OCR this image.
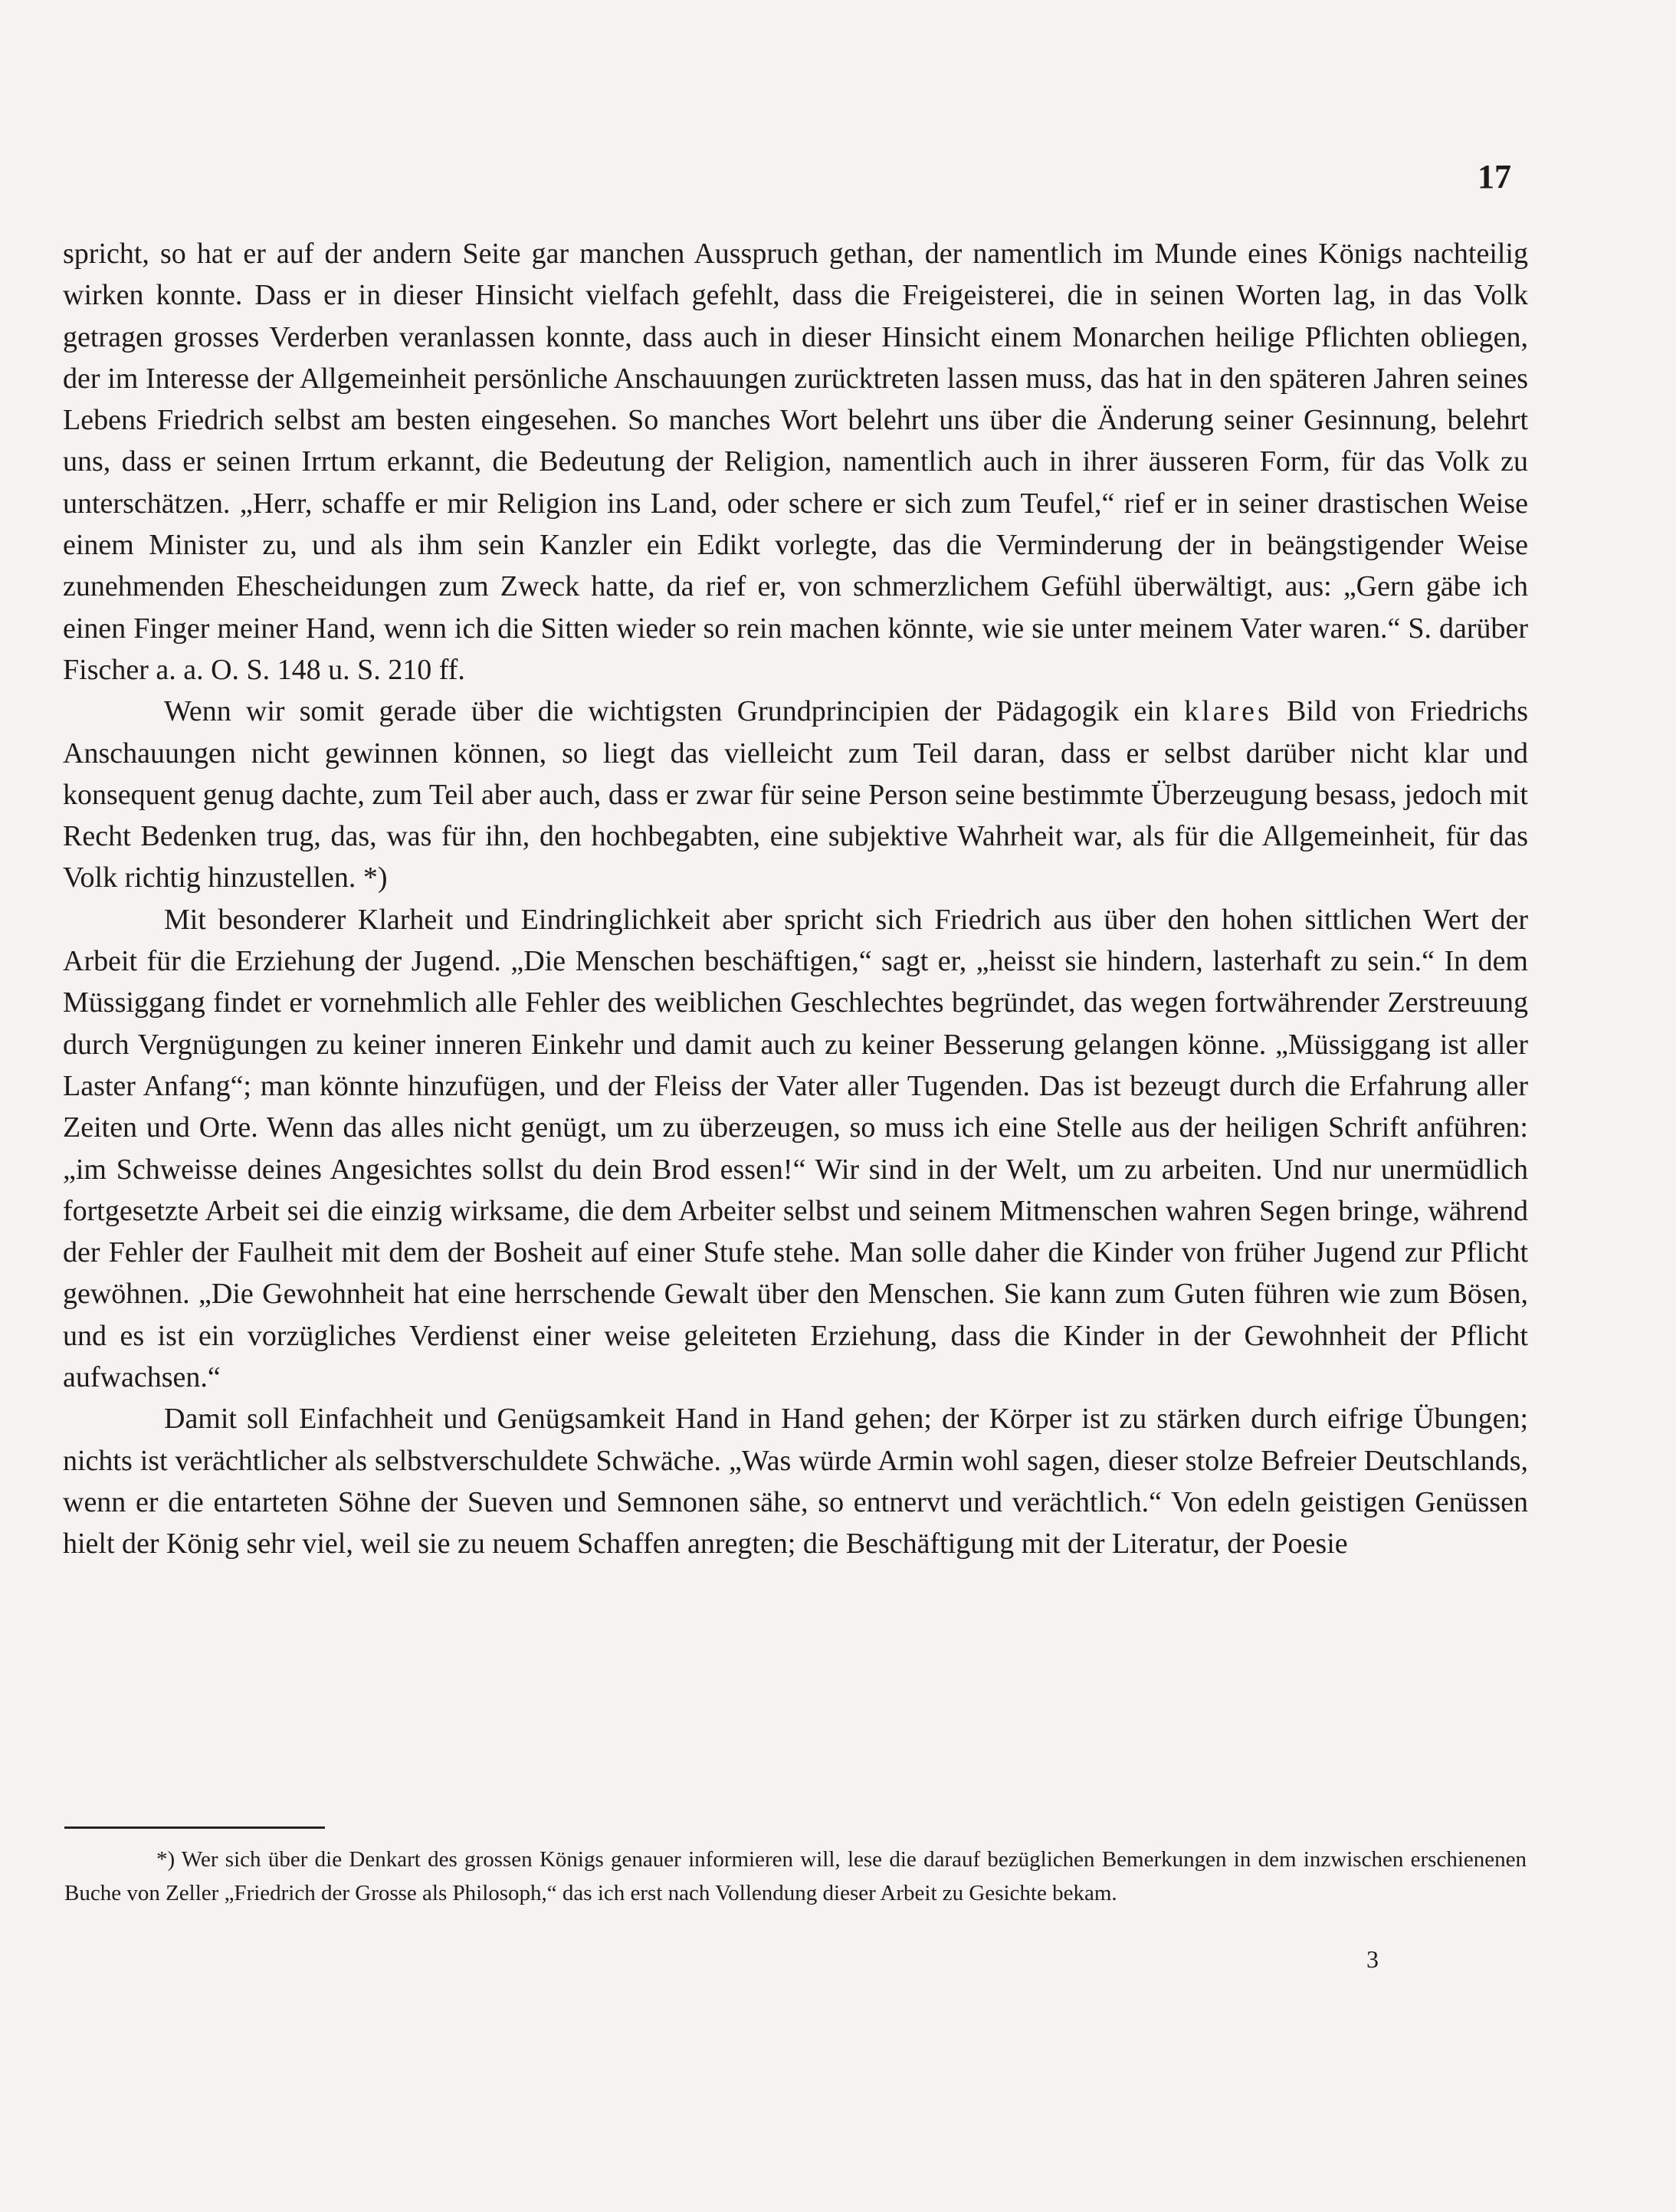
17

spricht, so hat er auf der andern Seite gar manchen Ausspruch gethan, der namentlich im Munde eines Königs nachteilig wirken konnte. Dass er in dieser Hinsicht vielfach gefehlt, dass die Freigeisterei, die in seinen Worten lag, in das Volk getragen grosses Verderben veranlassen konnte, dass auch in dieser Hinsicht einem Monarchen heilige Pflichten obliegen, der im Interesse der Allgemeinheit persönliche Anschauungen zurücktreten lassen muss, das hat in den späteren Jahren seines Lebens Friedrich selbst am besten eingesehen. So manches Wort belehrt uns über die Änderung seiner Gesinnung, belehrt uns, dass er seinen Irrtum erkannt, die Bedeutung der Religion, namentlich auch in ihrer äusseren Form, für das Volk zu unterschätzen. „Herr, schaffe er mir Religion ins Land, oder schere er sich zum Teufel,“ rief er in seiner drastischen Weise einem Minister zu, und als ihm sein Kanzler ein Edikt vorlegte, das die Verminderung der in beängstigender Weise zunehmenden Ehescheidungen zum Zweck hatte, da rief er, von schmerzlichem Gefühl überwältigt, aus: „Gern gäbe ich einen Finger meiner Hand, wenn ich die Sitten wieder so rein machen könnte, wie sie unter meinem Vater waren.“ S. darüber Fischer a. a. O. S. 148 u. S. 210 ff.

Wenn wir somit gerade über die wichtigsten Grundprincipien der Pädagogik ein klares Bild von Friedrichs Anschauungen nicht gewinnen können, so liegt das vielleicht zum Teil daran, dass er selbst darüber nicht klar und konsequent genug dachte, zum Teil aber auch, dass er zwar für seine Person seine bestimmte Überzeugung besass, jedoch mit Recht Bedenken trug, das, was für ihn, den hochbegabten, eine subjektive Wahrheit war, als für die Allgemeinheit, für das Volk richtig hinzustellen. *)

Mit besonderer Klarheit und Eindringlichkeit aber spricht sich Friedrich aus über den hohen sittlichen Wert der Arbeit für die Erziehung der Jugend. „Die Menschen beschäftigen,“ sagt er, „heisst sie hindern, lasterhaft zu sein.“ In dem Müssiggang findet er vornehmlich alle Fehler des weiblichen Geschlechtes begründet, das wegen fortwährender Zerstreuung durch Vergnügungen zu keiner inneren Einkehr und damit auch zu keiner Besserung gelangen könne. „Müssiggang ist aller Laster Anfang“; man könnte hinzufügen, und der Fleiss der Vater aller Tugenden. Das ist bezeugt durch die Erfahrung aller Zeiten und Orte. Wenn das alles nicht genügt, um zu überzeugen, so muss ich eine Stelle aus der heiligen Schrift anführen: „im Schweisse deines Angesichtes sollst du dein Brod essen!“ Wir sind in der Welt, um zu arbeiten. Und nur unermüdlich fortgesetzte Arbeit sei die einzig wirksame, die dem Arbeiter selbst und seinem Mitmenschen wahren Segen bringe, während der Fehler der Faulheit mit dem der Bosheit auf einer Stufe stehe. Man solle daher die Kinder von früher Jugend zur Pflicht gewöhnen. „Die Gewohnheit hat eine herrschende Gewalt über den Menschen. Sie kann zum Guten führen wie zum Bösen, und es ist ein vorzügliches Verdienst einer weise geleiteten Erziehung, dass die Kinder in der Gewohnheit der Pflicht aufwachsen.“

Damit soll Einfachheit und Genügsamkeit Hand in Hand gehen; der Körper ist zu stärken durch eifrige Übungen; nichts ist verächtlicher als selbstverschuldete Schwäche. „Was würde Armin wohl sagen, dieser stolze Befreier Deutschlands, wenn er die entarteten Söhne der Sueven und Semnonen sähe, so entnervt und verächtlich.“ Von edeln geistigen Genüssen hielt der König sehr viel, weil sie zu neuem Schaffen anregten; die Beschäftigung mit der Literatur, der Poesie

*) Wer sich über die Denkart des grossen Königs genauer informieren will, lese die darauf bezüglichen Bemerkungen in dem inzwischen erschienenen Buche von Zeller „Friedrich der Grosse als Philosoph,“ das ich erst nach Vollendung dieser Arbeit zu Gesichte bekam.

3
